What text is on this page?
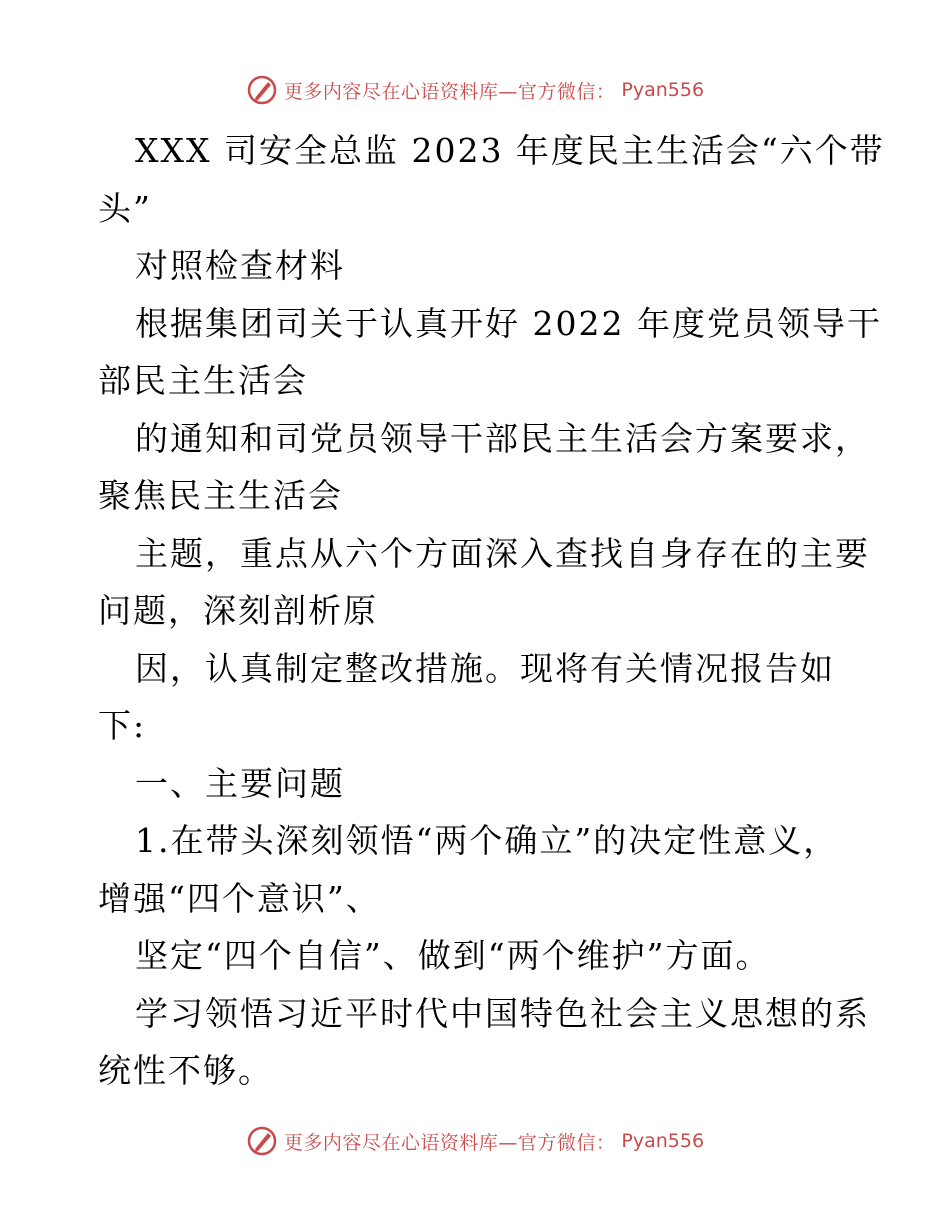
更多内容尽在心语资料库—官方微信： Pyan556
XXX 司安全总监 2023 年度民主生活会“六个带
头”
对照检查材料
根据集团司关于认真开好 2022 年度党员领导干
部民主生活会
的通知和司党员领导干部民主生活会方案要求，
聚焦民主生活会
主题，重点从六个方面深入查找自身存在的主要
问题，深刻剖析原
因，认真制定整改措施。现将有关情况报告如
下:
一、主要问题
1.在带头深刻领悟“两个确立”的决定性意义，
增强“四个意识”、
坚定“四个自信”、做到“两个维护”方面。
学习领悟习近平时代中国特色社会主义思想的系
统性不够。
更多内容尽在心语资料库—官方微信： Pyan556
